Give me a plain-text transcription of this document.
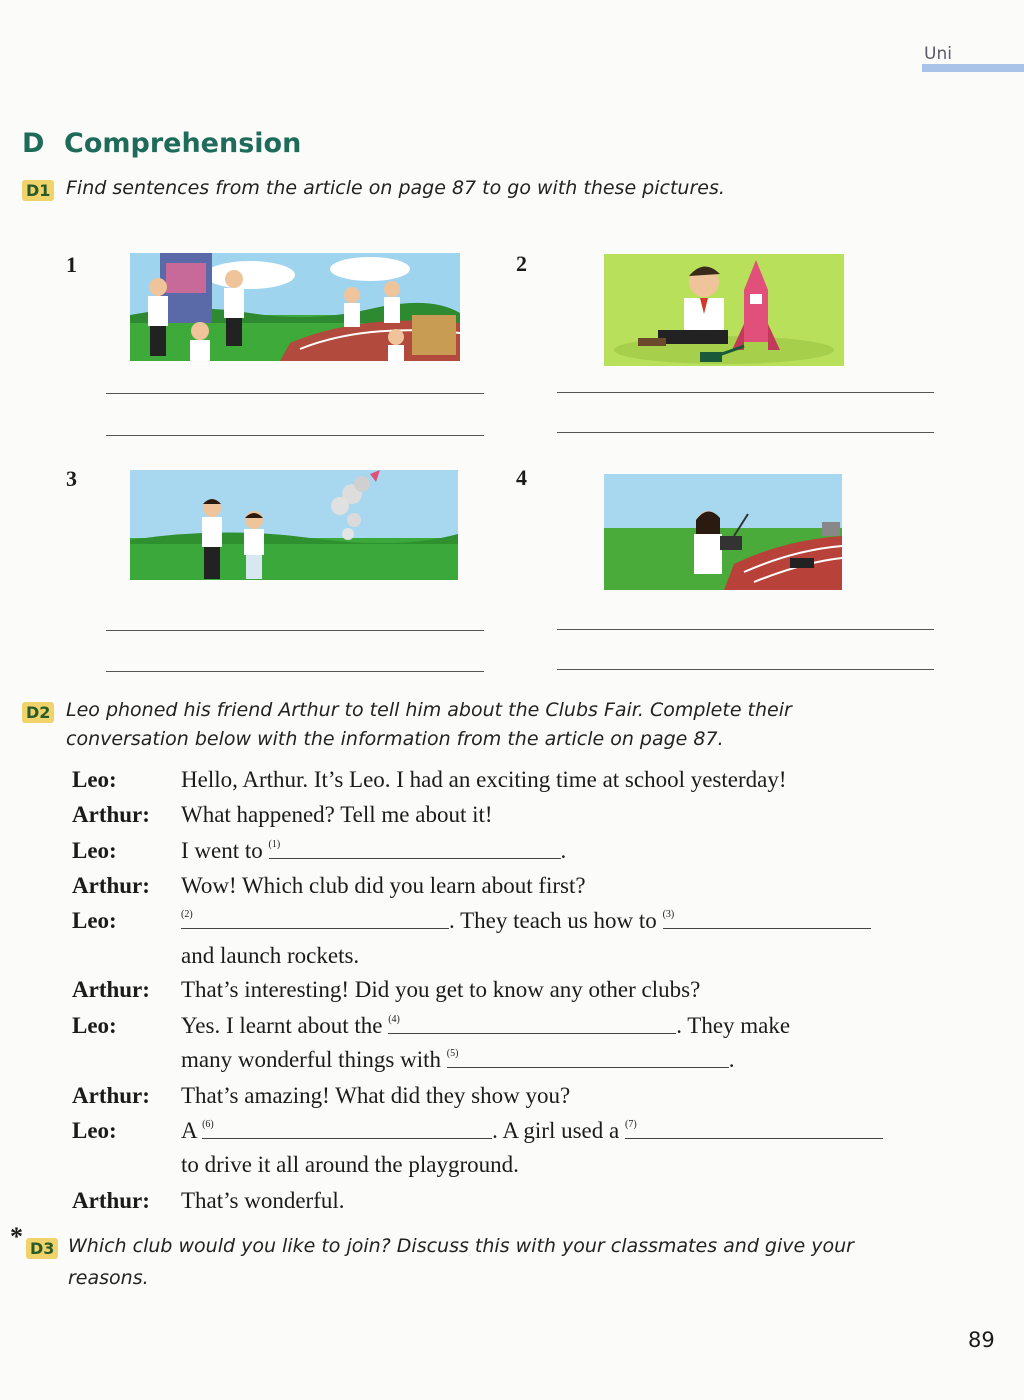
Uni
D Comprehension
D1 Find sentences from the article on page 87 to go with these pictures.
1	2
3	4
D2 Leo phoned his friend Arthur to tell him about the Clubs Fair. Complete their
conversation below with the information from the article on page 87.
Leo:	Hello, Arthur. It’s Leo. I had an exciting time at school yesterday!
Arthur: What happened? Tell me about it!
Leo:	I went to $^{(1)}$	.
Arthur: Wow! Which club did you learn about first?
Leo:	$^{(2)}$	. They teach us how to $^{(3)}$
and launch rockets.
Arthur: That’s interesting! Did you get to know any other clubs?
Leo:	Yes. I learnt about the $^{(4)}$	. They make
many wonderful things with $^{(5)}$	.
Arthur: That’s amazing! What did they show you?
Leo:	A $^{(6)}$	. A girl used a $^{(7)}$
to drive it all around the playground.
Arthur: That’s wonderful.
* D3 Which club would you like to join? Discuss this with your classmates and give your
reasons.
89
